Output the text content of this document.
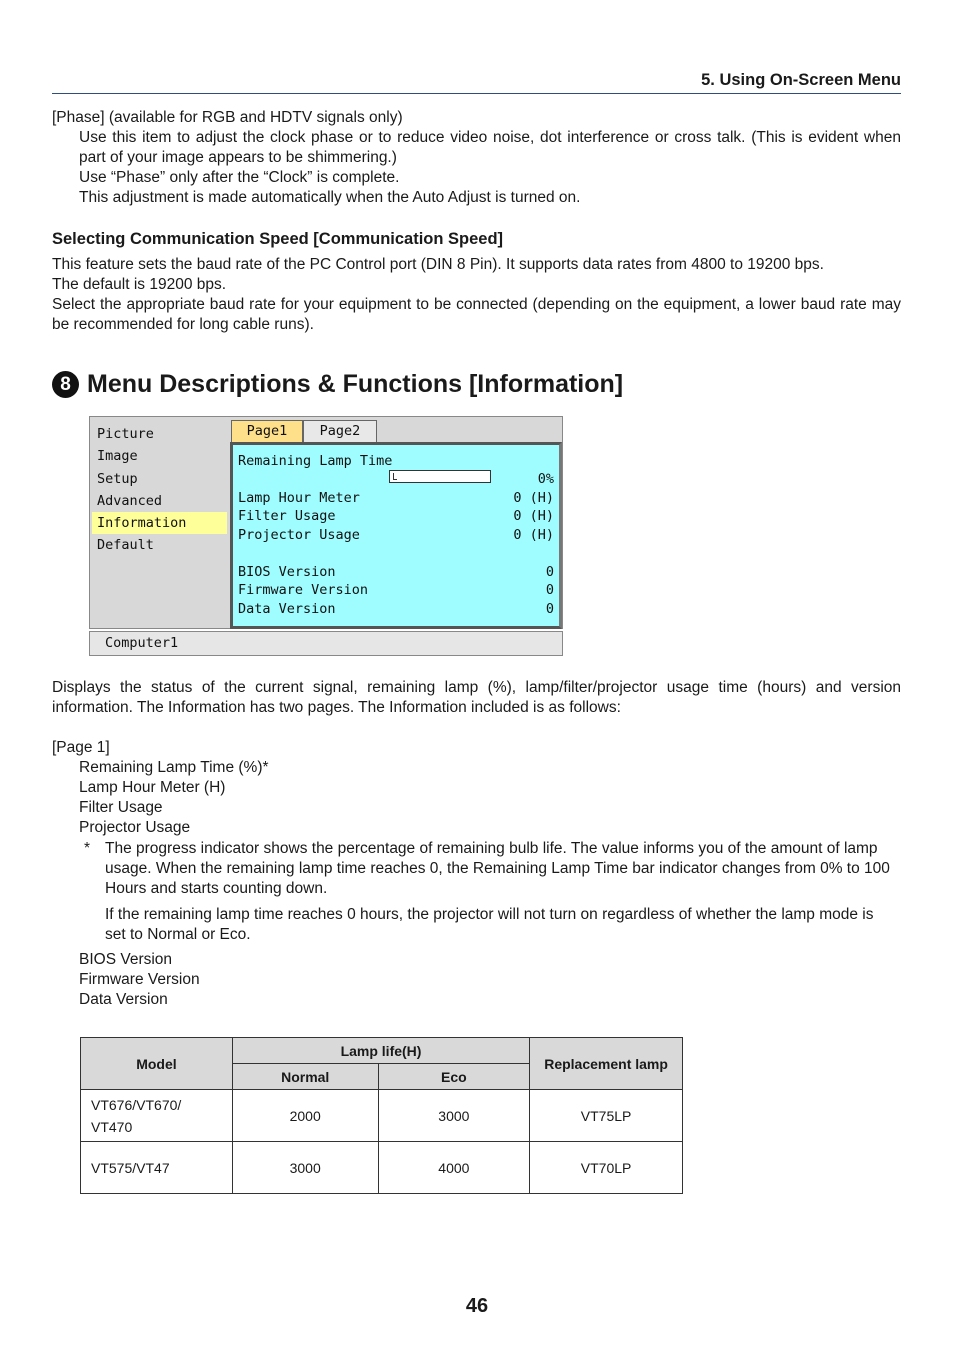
5. Using On-Screen Menu
[Phase] (available for RGB and HDTV signals only)
Use this item to adjust the clock phase or to reduce video noise, dot interference or cross talk. (This is evident when part of your image appears to be shimmering.)
Use “Phase” only after the “Clock” is complete.
This adjustment is made automatically when the Auto Adjust is turned on.
Selecting Communication Speed [Communication Speed]
This feature sets the baud rate of the PC Control port (DIN 8 Pin). It supports data rates from 4800 to 19200 bps.
The default is 19200 bps.
Select the appropriate baud rate for your equipment to be connected (depending on the equipment, a lower baud rate may be recommended for long cable runs).
8 Menu Descriptions & Functions [Information]
Picture
Image
Setup
Advanced
Information
Default
Page1	Page2
Remaining Lamp Time
0%
Lamp Hour Meter	0 (H)
Filter Usage	0 (H)
Projector Usage	0 (H)
BIOS Version	0
Firmware Version	0
Data Version	0
Computer1
Displays the status of the current signal, remaining lamp (%), lamp/filter/projector usage time (hours) and version information. The Information has two pages. The Information included is as follows:
[Page 1]
Remaining Lamp Time (%)*
Lamp Hour Meter (H)
Filter Usage
Projector Usage
* The progress indicator shows the percentage of remaining bulb life. The value informs you of the amount of lamp usage. When the remaining lamp time reaches 0, the Remaining Lamp Time bar indicator changes from 0% to 100 Hours and starts counting down.
If the remaining lamp time reaches 0 hours, the projector will not turn on regardless of whether the lamp mode is set to Normal or Eco.
BIOS Version
Firmware Version
Data Version
Model	Lamp life(H)		Replacement lamp
	Normal	Eco	
VT676/VT670/
VT470	2000	3000	VT75LP
VT575/VT47	3000	4000	VT70LP
46
